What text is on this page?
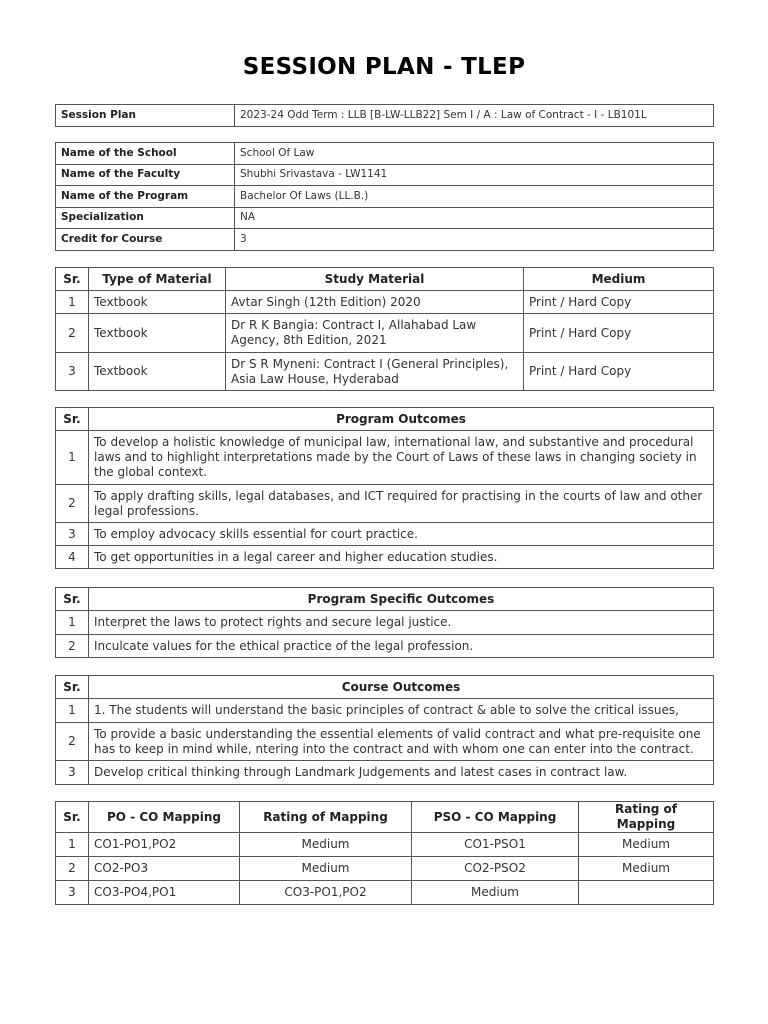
SESSION PLAN - TLEP
Session Plan	2023-24 Odd Term : LLB [B-LW-LLB22] Sem I / A : Law of Contract - I - LB101L
Name of the School	School Of Law
Name of the Faculty	Shubhi Srivastava - LW1141
Name of the Program	Bachelor Of Laws (LL.B.)
Specialization	NA
Credit for Course	3
Sr.	Type of Material	Study Material	Medium
1	Textbook	Avtar Singh (12th Edition) 2020	Print / Hard Copy
2	Textbook	Dr R K Bangia: Contract I, Allahabad Law Agency, 8th Edition, 2021	Print / Hard Copy
3	Textbook	Dr S R Myneni: Contract I (General Principles), Asia Law House, Hyderabad	Print / Hard Copy
Sr.	Program Outcomes
1	To develop a holistic knowledge of municipal law, international law, and substantive and procedural laws and to highlight interpretations made by the Court of Laws of these laws in changing society in the global context.
2	To apply drafting skills, legal databases, and ICT required for practising in the courts of law and other legal professions.
3	To employ advocacy skills essential for court practice.
4	To get opportunities in a legal career and higher education studies.
Sr.	Program Specific Outcomes
1	Interpret the laws to protect rights and secure legal justice.
2	Inculcate values for the ethical practice of the legal profession.
Sr.	Course Outcomes
1	1. The students will understand the basic principles of contract & able to solve the critical issues,
2	To provide a basic understanding the essential elements of valid contract and what pre-requisite one has to keep in mind while, ntering into the contract and with whom one can enter into the contract.
3	Develop critical thinking through Landmark Judgements and latest cases in contract law.
Sr.	PO - CO Mapping	Rating of Mapping	PSO - CO Mapping	Rating of Mapping
1	CO1-PO1,PO2	Medium	CO1-PSO1	Medium
2	CO2-PO3	Medium	CO2-PSO2	Medium
3	CO3-PO4,PO1	CO3-PO1,PO2	Medium	
